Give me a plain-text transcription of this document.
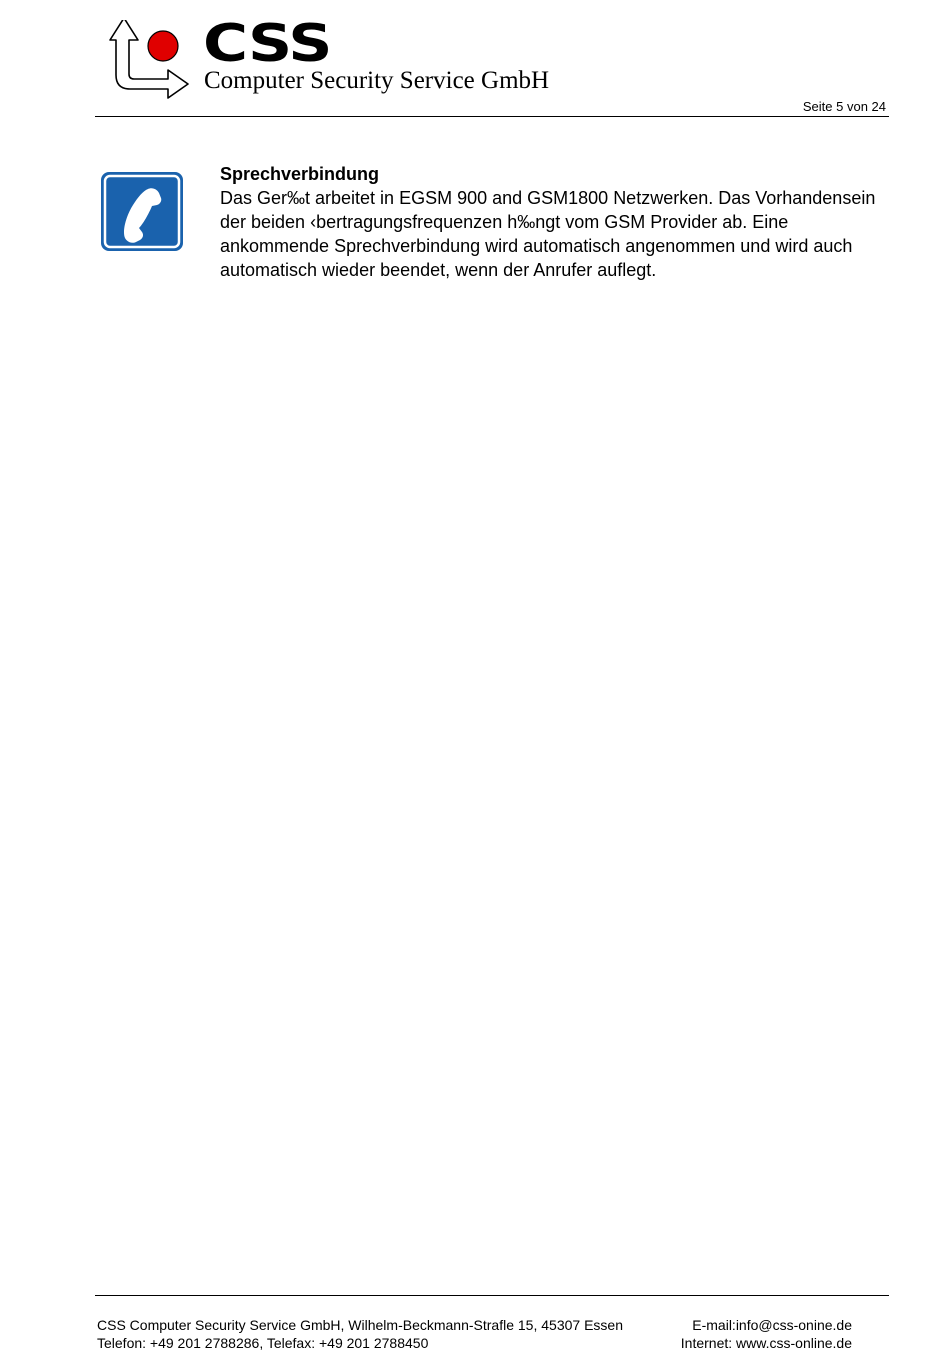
CSS
Computer Security Service GmbH
Seite 5 von 24
Sprechverbindung
Das Ger‰t arbeitet in EGSM 900 and GSM1800 Netzwerken. Das Vorhandensein der beiden ‹bertragungsfrequenzen h‰ngt vom GSM Provider ab. Eine ankommende Sprechverbindung wird automatisch angenommen und wird auch automatisch wieder beendet, wenn der Anrufer auflegt.
CSS Computer Security Service GmbH, Wilhelm-Beckmann-Strafle 15, 45307 Essen
Telefon: +49 201 2788286, Telefax: +49 201 2788450
E-mail:info@css-onine.de
Internet: www.css-online.de
